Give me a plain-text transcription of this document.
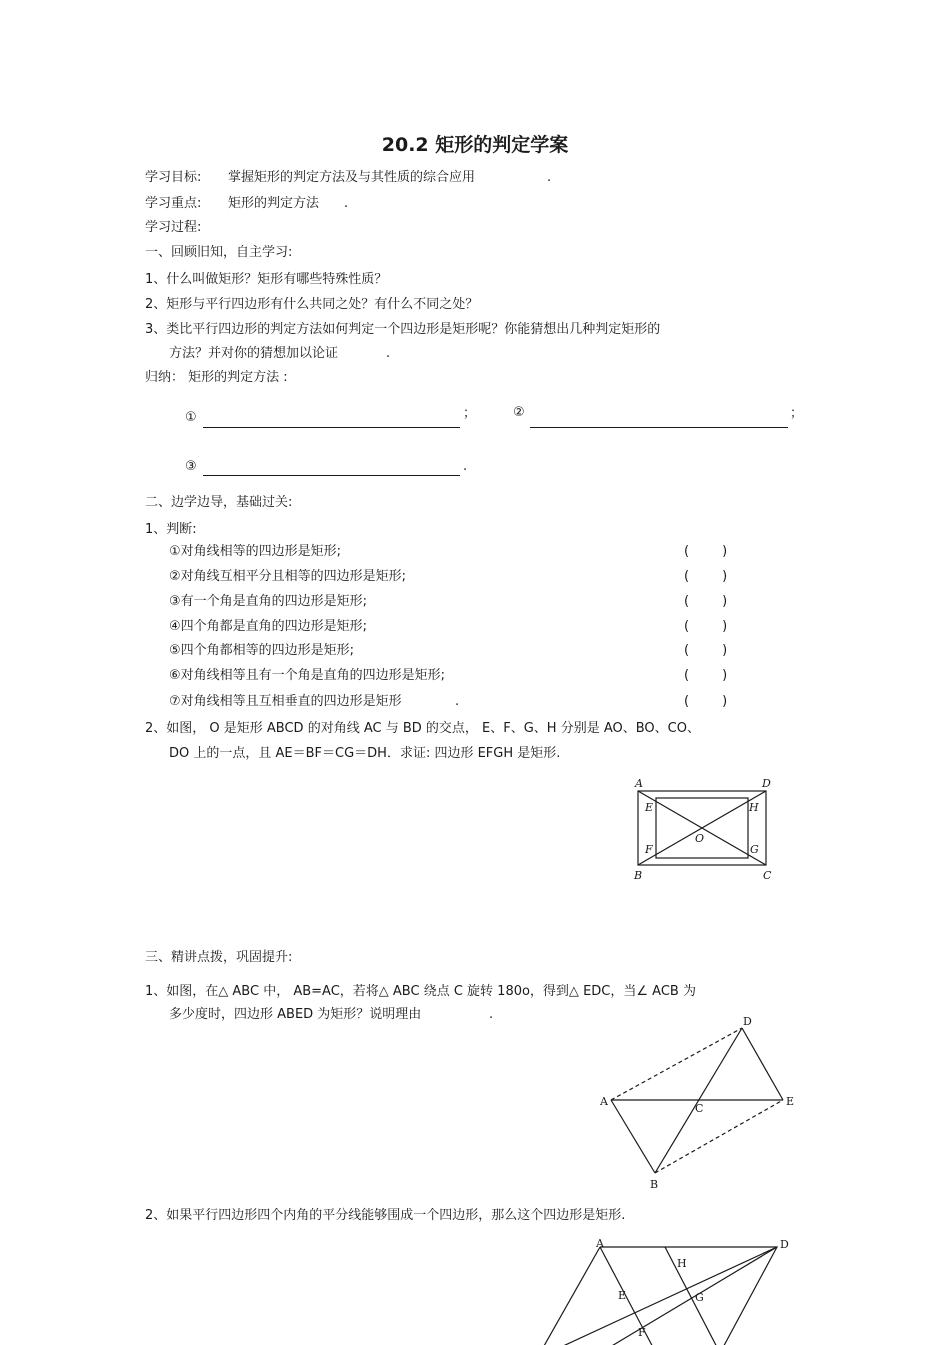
20.2 矩形的判定学案
学习目标: 掌握矩形的判定方法及与其性质的综合应用	.
学习重点: 矩形的判定方法 .
学习过程:
一、回顾旧知，自主学习:
1、什么叫做矩形？矩形有哪些特殊性质？
2、矩形与平行四边形有什么共同之处？有什么不同之处？
3、类比平行四边形的判定方法如何判定一个四边形是矩形呢？你能猜想出几种判定矩形的
方法？并对你的猜想加以论证	.
归纳： 矩形的判定方法 :
①	；	②	；
③	.
二、边学边导，基础过关:
1、判断:
①对角线相等的四边形是矩形;	(        )
②对角线互相平分且相等的四边形是矩形;	(        )
③有一个角是直角的四边形是矩形;	(        )
④四个角都是直角的四边形是矩形;	(        )
⑤四个角都相等的四边形是矩形;	(        )
⑥对角线相等且有一个角是直角的四边形是矩形;	(        )
⑦对角线相等且互相垂直的四边形是矩形	.	(        )
2、如图， O 是矩形 ABCD 的对角线 AC 与 BD 的交点， E、F、G、H 分别是 AO、BO、CO、
DO 上的一点，且 AE＝BF＝CG＝DH．求证: 四边形 EFGH 是矩形.
A	D
B	C
E	H
F	G
O
三、精讲点拨，巩固提升:
1、如图，在△ ABC 中， AB=AC，若将△ ABC 绕点 C 旋转 180o，得到△ EDC，当∠ ACB 为
多少度时，四边形 ABED 为矩形？说明理由	.
A	E
D
B
C
2、如果平行四边形四个内角的平分线能够围成一个四边形，那么这个四边形是矩形.
A	D
H
E	G
F
